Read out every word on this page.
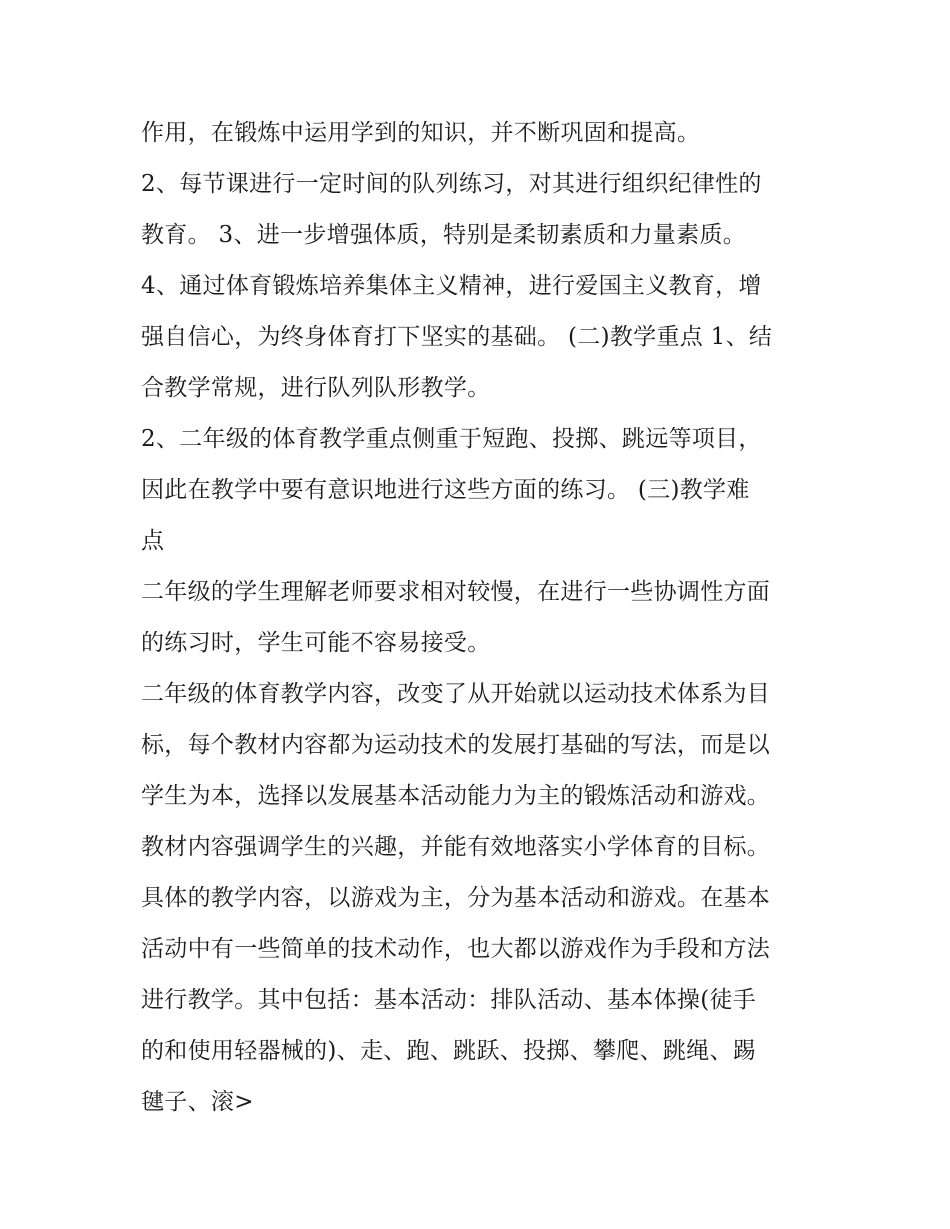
作用，在锻炼中运用学到的知识，并不断巩固和提高。
2、每节课进行一定时间的队列练习，对其进行组织纪律性的
教育。 3、进一步增强体质，特别是柔韧素质和力量素质。
4、通过体育锻炼培养集体主义精神，进行爱国主义教育，增
强自信心，为终身体育打下坚实的基础。 (二)教学重点 1、结
合教学常规，进行队列队形教学。
2、二年级的体育教学重点侧重于短跑、投掷、跳远等项目，
因此在教学中要有意识地进行这些方面的练习。 (三)教学难
点
二年级的学生理解老师要求相对较慢，在进行一些协调性方面
的练习时，学生可能不容易接受。
二年级的体育教学内容，改变了从开始就以运动技术体系为目
标，每个教材内容都为运动技术的发展打基础的写法，而是以
学生为本，选择以发展基本活动能力为主的锻炼活动和游戏。
教材内容强调学生的兴趣，并能有效地落实小学体育的目标。
具体的教学内容，以游戏为主，分为基本活动和游戏。在基本
活动中有一些简单的技术动作，也大都以游戏作为手段和方法
进行教学。其中包括：基本活动：排队活动、基本体操(徒手
的和使用轻器械的)、走、跑、跳跃、投掷、攀爬、跳绳、踢
毽子、滚>
